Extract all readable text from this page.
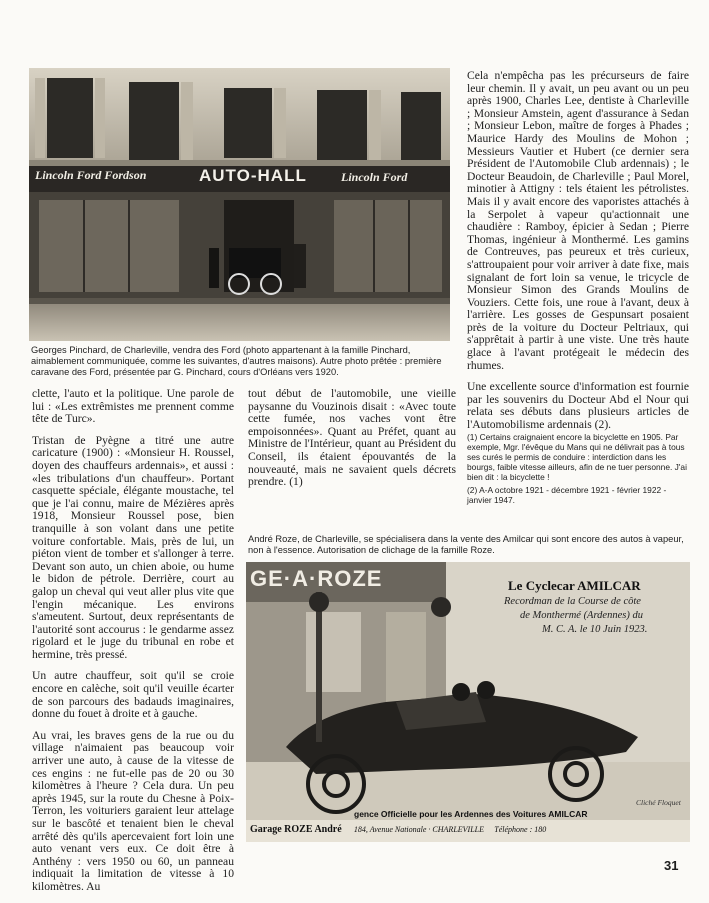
Lincoln Ford Fordson	AUTO-HALL	Lincoln Ford
Georges Pinchard, de Charleville, vendra des Ford (photo appartenant à la famille Pinchard, aimablement communiquée, comme les suivantes, d'autres maisons). Autre photo prêtée : première caravane des Ford, présentée par G. Pinchard, cours d'Orléans vers 1920.

Cela n'empêcha pas les précurseurs de faire leur chemin. Il y avait, un peu avant ou un peu après 1900, Charles Lee, dentiste à Charleville ; Monsieur Amstein, agent d'assurance à Sedan ; Monsieur Lebon, maître de forges à Phades ; Maurice Hardy des Moulins de Mohon ; Messieurs Vautier et Hubert (ce dernier sera Président de l'Automobile Club ardennais) ; le Docteur Beaudoin, de Charleville ; Paul Morel, minotier à Attigny : tels étaient les pétrolistes. Mais il y avait encore des vaporistes attachés à la Serpolet à vapeur qu'actionnait une chaudière : Ramboy, épicier à Sedan ; Pierre Thomas, ingénieur à Monthermé. Les gamins de Contreuves, pas peureux et très curieux, s'attroupaient pour voir arriver à date fixe, mais signalant de fort loin sa venue, le tricycle de Monsieur Simon des Grands Moulins de Vouziers. Cette fois, une roue à l'avant, deux à l'arrière. Les gosses de Gespunsart posaient près de la voiture du Docteur Peltriaux, qui s'apprêtait à partir à une viste. Une très haute glace à l'avant protégeait le médecin des rhumes.

Une excellente source d'information est fournie par les souvenirs du Docteur Abd el Nour qui relata ses débuts dans plusieurs articles de l'Automobilisme ardennais (2).

clette, l'auto et la politique. Une parole de lui : «Les extrêmistes me prennent comme tête de Turc».

Tristan de Pyègne a titré une autre caricature (1900) : «Monsieur H. Roussel, doyen des chauffeurs ardennais», et aussi : «les tribulations d'un chauffeur». Portant casquette spéciale, élégante moustache, tel que je l'ai connu, maire de Mézières après 1918, Monsieur Roussel pose, bien tranquille à son volant dans une petite voiture confortable. Mais, près de lui, un piéton vient de tomber et s'allonger à terre. Devant son auto, un chien aboie, ou hume le bidon de pétrole. Derrière, court au galop un cheval qui veut aller plus vite que l'engin mécanique. Les environs s'ameutent. Surtout, deux représentants de l'autorité sont accourus : le gendarme assez rigolard et le juge du tribunal en robe et hermine, très pressé.

Un autre chauffeur, soit qu'il se croie encore en calèche, soit qu'il veuille écarter de son parcours des badauds imaginaires, donne du fouet à droite et à gauche.

Au vrai, les braves gens de la rue ou du village n'aimaient pas beaucoup voir arriver une auto, à cause de la vitesse de ces engins : ne fut-elle pas de 20 ou 30 kilomètres à l'heure ? Cela dura. Un peu après 1945, sur la route du Chesne à Poix-Terron, les voituriers garaient leur attelage sur le bascôté et tenaient bien le cheval arrêté dès qu'ils apercevaient fort loin une auto venant vers eux. Ce doit être à Anthény : vers 1950 ou 60, un panneau indiquait la limitation de vitesse à 10 kilomètres. Au

tout début de l'automobile, une vieille paysanne du Vouzinois disait : «Avec toute cette fumée, nos vaches vont être empoisonnées». Quant au Préfet, quant au Ministre de l'Intérieur, quant au Président du Conseil, ils étaient épouvantés de la nouveauté, mais ne savaient quels décrets prendre. (1)

(1) Certains craignaient encore la bicyclette en 1905. Par exemple, Mgr. l'évêque du Mans qui ne délivrait pas à tous ses curés le permis de conduire : interdiction dans les bourgs, faible vitesse ailleurs, afin de ne tuer personne. J'ai bien dit : la bicyclette !

(2) A-A octobre 1921 - décembre 1921 - février 1922 - janvier 1947.

André Roze, de Charleville, se spécialisera dans la vente des Amilcar qui sont encore des autos à vapeur, non à l'essence. Autorisation de clichage de la famille Roze.
GE·A·ROZE	Le Cyclecar AMILCAR
Recordman de la Course de côte
de Monthermé (Ardennes) du
M. C. A. le 10 Juin 1923.
Cliché Floquet
gence Officielle pour les Ardennes des Voitures AMILCAR
Garage ROZE André 184, Avenue Nationale · CHARLEVILLE Téléphone : 180
31
